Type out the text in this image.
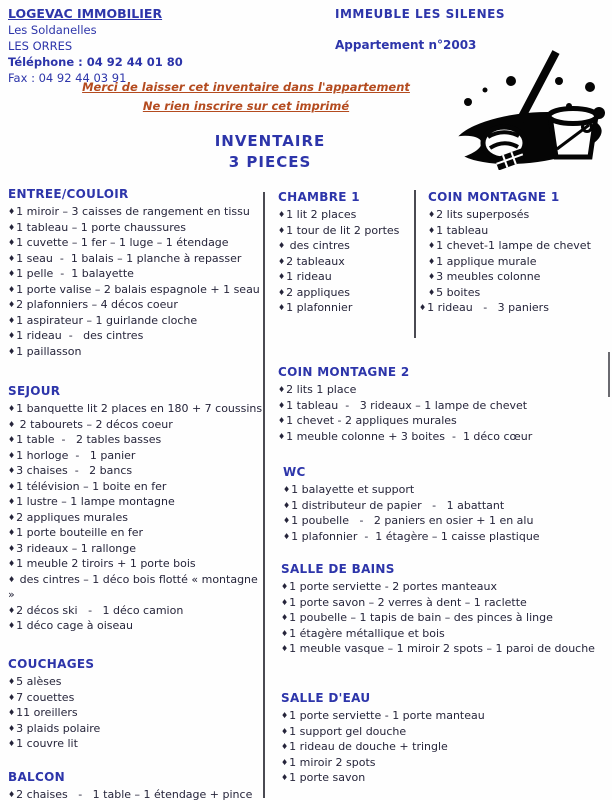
LOGEVAC IMMOBILIER
Les Soldanelles
LES ORRES
Téléphone : 04 92 44 01 80
Fax : 04 92 44 03 91
IMMEUBLE LES SILENES
Appartement n°2003
Merci de laisser cet inventaire dans l'appartement
Ne rien inscrire sur cet imprimé
INVENTAIRE
3 PIECES
ENTREE/COULOIR
♦1 miroir – 3 caisses de rangement en tissu
♦1 tableau – 1 porte chaussures
♦1 cuvette – 1 fer – 1 luge – 1 étendage
♦1 seau  -  1 balais – 1 planche à repasser
♦1 pelle  -  1 balayette
♦1 porte valise – 2 balais espagnole + 1 seau
♦2 plafonniers – 4 décos coeur
♦1 aspirateur – 1 guirlande cloche
♦1 rideau  -   des cintres
♦1 paillasson
SEJOUR
♦1 banquette lit 2 places en 180 + 7 coussins
♦ 2 tabourets – 2 décos coeur
♦1 table  -   2 tables basses
♦1 horloge  -   1 panier
♦3 chaises  -   2 bancs
♦1 télévision – 1 boite en fer
♦1 lustre – 1 lampe montagne
♦2 appliques murales
♦1 porte bouteille en fer
♦3 rideaux – 1 rallonge
♦1 meuble 2 tiroirs + 1 porte bois
♦ des cintres – 1 déco bois flotté « montagne »
♦2 décos ski   -   1 déco camion
♦1 déco cage à oiseau
COUCHAGES
♦5 alèses
♦7 couettes
♦11 oreillers
♦3 plaids polaire
♦1 couvre lit
BALCON
♦2 chaises   -   1 table – 1 étendage + pince
CHAMBRE 1
♦1 lit 2 places
♦1 tour de lit 2 portes
♦ des cintres
♦2 tableaux
♦1 rideau
♦2 appliques
♦1 plafonnier
COIN MONTAGNE 1
♦2 lits superposés
♦1 tableau
♦1 chevet-1 lampe de chevet
♦1 applique murale
♦3 meubles colonne
♦5 boites
♦1 rideau   -   3 paniers
COIN MONTAGNE 2
♦2 lits 1 place
♦1 tableau  -   3 rideaux – 1 lampe de chevet
♦1 chevet - 2 appliques murales
♦1 meuble colonne + 3 boites  -  1 déco cœur
WC
♦1 balayette et support
♦1 distributeur de papier   -   1 abattant
♦1 poubelle   -   2 paniers en osier + 1 en alu
♦1 plafonnier  -  1 étagère – 1 caisse plastique
SALLE DE BAINS
♦1 porte serviette - 2 portes manteaux
♦1 porte savon – 2 verres à dent – 1 raclette
♦1 poubelle – 1 tapis de bain – des pinces à linge
♦1 étagère métallique et bois
♦1 meuble vasque – 1 miroir 2 spots – 1 paroi de douche
SALLE D'EAU
♦1 porte serviette - 1 porte manteau
♦1 support gel douche
♦1 rideau de douche + tringle
♦1 miroir 2 spots
♦1 porte savon
